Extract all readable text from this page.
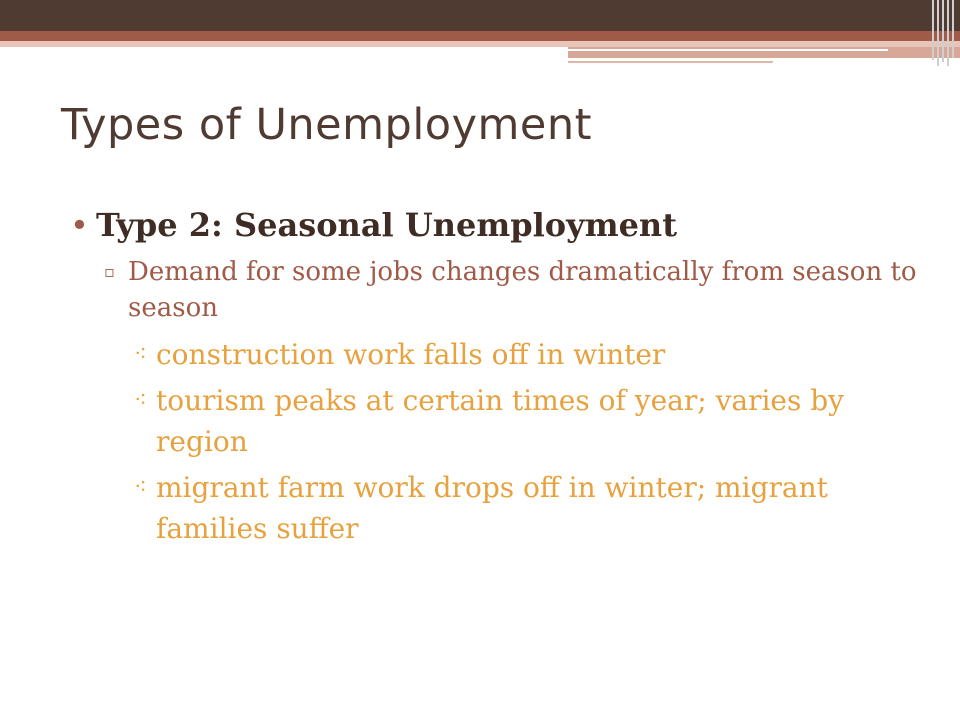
Types of Unemployment
• Type 2: Seasonal Unemployment
▫ Demand for some jobs changes dramatically from season to season
⁖ construction work falls off in winter
⁖ tourism peaks at certain times of year; varies by region
⁖ migrant farm work drops off in winter; migrant families suffer
